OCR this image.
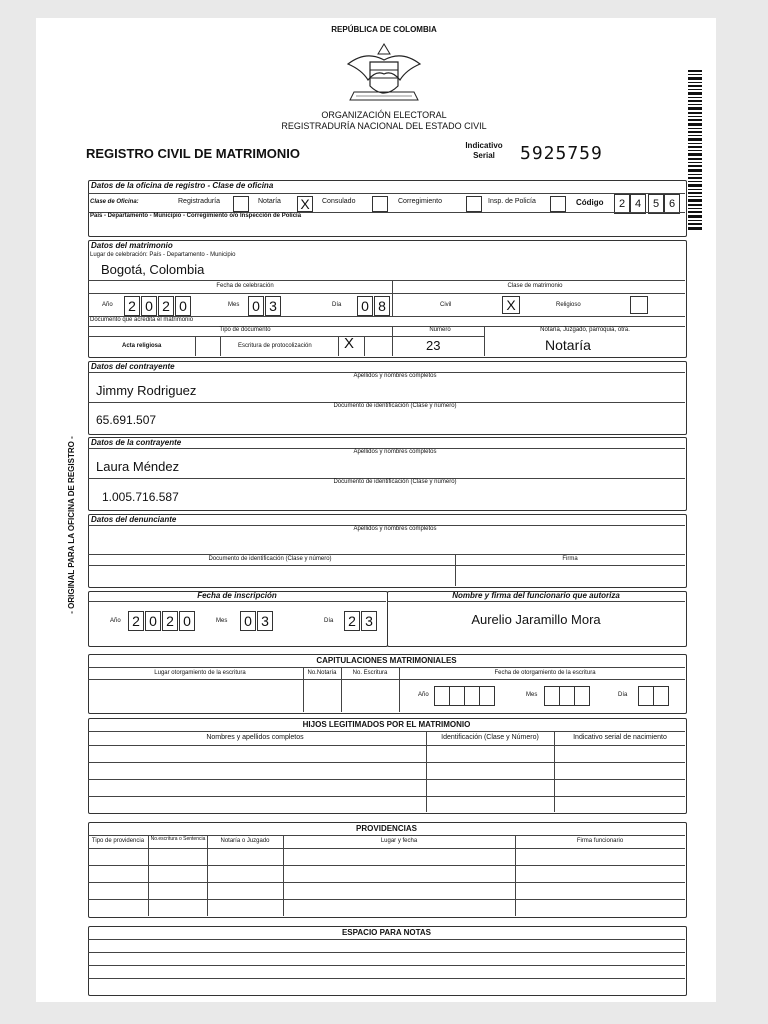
REPÚBLICA DE COLOMBIA
ORGANIZACIÓN ELECTORAL
REGISTRADURÍA NACIONAL DEL ESTADO CIVIL
REGISTRO CIVIL DE MATRIMONIO
Indicativo
Serial	5925759
- ORIGINAL PARA LA OFICINA DE REGISTRO -
Datos de la oficina de registro - Clase de oficina
Clase de Oficina:	Registraduría	Notaría X	Consulado	Corregimiento	Insp. de Policía	Código	2 4	5 6
País - Departamento - Municipio - Corregimiento o/o Inspección de Policía
Datos del matrimonio
Lugar de celebración: País - Departamento - Municipio
Bogotá, Colombia
Fecha de celebración	Clase de matrimonio
Año 2 0 2 0	Mes 0 3	Día 0 8	Civil	X	Religioso
Documento que acredita el matrimonio
Tipo de documento	Número	Notaría, Juzgado, parroquia, otra.
Acta religiosa	Escritura de protocolización X	23	Notaría
Datos del contrayente
Apellidos y nombres completos
Jimmy Rodriguez
Documento de identificación (Clase y número)
65.691.507
Datos de la contrayente
Apellidos y nombres completos
Laura Méndez
Documento de identificación (Clase y número)
1.005.716.587
Datos del denunciante
Apellidos y nombres completos
Documento de identificación (Clase y número)	Firma
Fecha de inscripción
Año 2 0 2 0	Mes 0 3	Día 2 3
Nombre y firma del funcionario que autoriza
Aurelio Jaramillo Mora
CAPITULACIONES MATRIMONIALES
Lugar otorgamiento de la escritura	No.Notaría	No. Escritura	Fecha de otorgamiento de la escritura
Año	Mes	Día
HIJOS LEGITIMADOS POR EL MATRIMONIO
Nombres y apellidos completos	Identificación (Clase y Número)	Indicativo serial de nacimiento
PROVIDENCIAS
Tipo de providencia	No.escritura o Sentencia	Notaría o Juzgado	Lugar y fecha	Firma funcionario
ESPACIO PARA NOTAS
